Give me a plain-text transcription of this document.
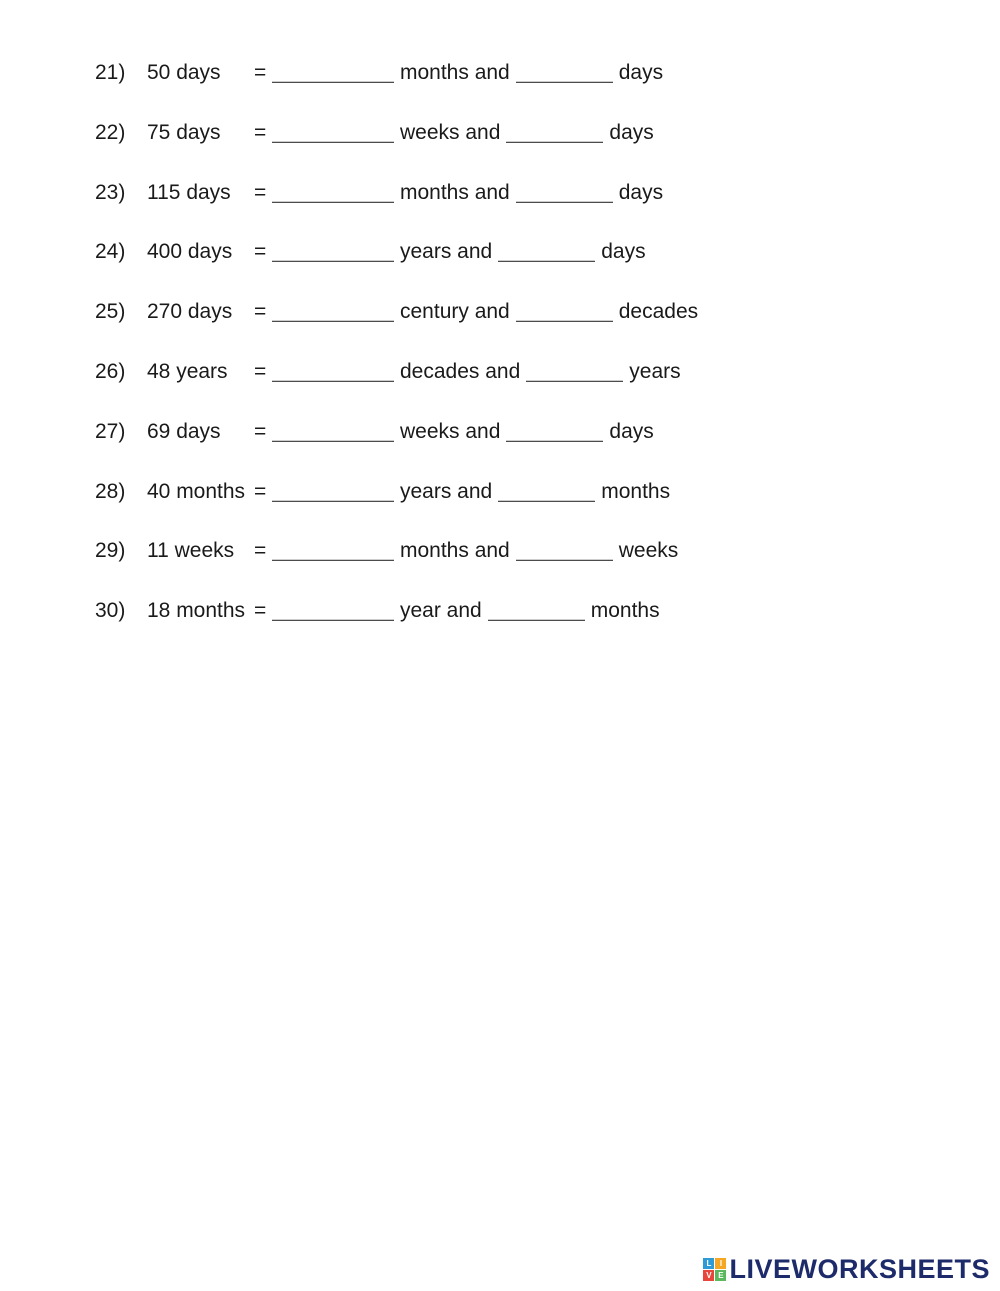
21)	50 days	=	months and	days
22)	75 days	=	weeks and	days
23)	115 days	=	months and	days
24)	400 days	=	years and	days
25)	270 days	=	century and	decades
26)	48 years	=	decades and	years
27)	69 days	=	weeks and	days
28)	40 months =	years and	months
29)	11 weeks =	months and	weeks
30)	18 months =	year and	months
L	I
V E LIVEWORKSHEETS
